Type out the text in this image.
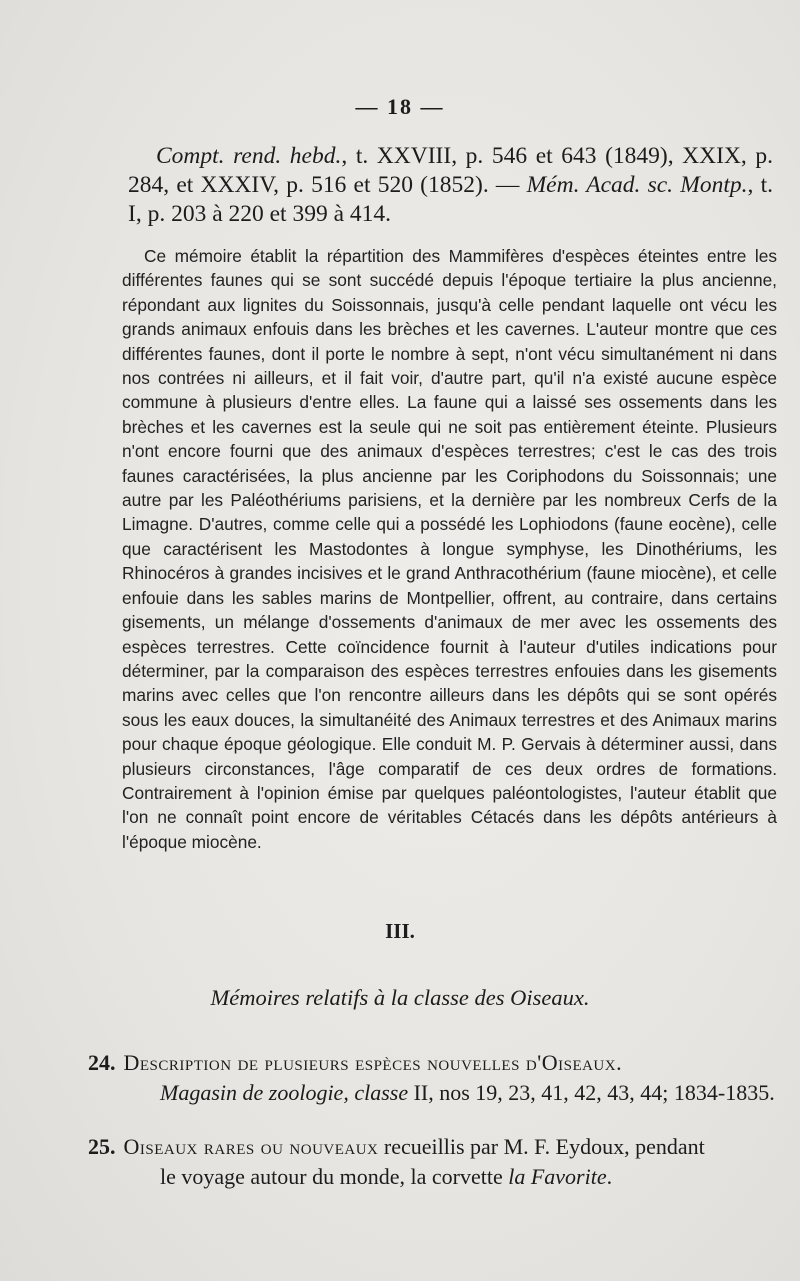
— 18 —
Compt. rend. hebd., t. XXVIII, p. 546 et 643 (1849), XXIX, p. 284, et XXXIV, p. 516 et 520 (1852). — Mém. Acad. sc. Montp., t. I, p. 203 à 220 et 399 à 414.
Ce mémoire établit la répartition des Mammifères d'espèces éteintes entre les différentes faunes qui se sont succédé depuis l'époque tertiaire la plus ancienne, répondant aux lignites du Soissonnais, jusqu'à celle pendant laquelle ont vécu les grands animaux enfouis dans les brèches et les cavernes. L'auteur montre que ces différentes faunes, dont il porte le nombre à sept, n'ont vécu simultanément ni dans nos contrées ni ailleurs, et il fait voir, d'autre part, qu'il n'a existé aucune espèce commune à plusieurs d'entre elles. La faune qui a laissé ses ossements dans les brèches et les cavernes est la seule qui ne soit pas entièrement éteinte. Plusieurs n'ont encore fourni que des animaux d'espèces terrestres; c'est le cas des trois faunes caractérisées, la plus ancienne par les Coriphodons du Soissonnais; une autre par les Paléothériums parisiens, et la dernière par les nombreux Cerfs de la Limagne. D'autres, comme celle qui a possédé les Lophiodons (faune eocène), celle que caractérisent les Mastodontes à longue symphyse, les Dinothériums, les Rhinocéros à grandes incisives et le grand Anthracothérium (faune miocène), et celle enfouie dans les sables marins de Montpellier, offrent, au contraire, dans certains gisements, un mélange d'ossements d'animaux de mer avec les ossements des espèces terrestres. Cette coïncidence fournit à l'auteur d'utiles indications pour déterminer, par la comparaison des espèces terrestres enfouies dans les gisements marins avec celles que l'on rencontre ailleurs dans les dépôts qui se sont opérés sous les eaux douces, la simultanéité des Animaux terrestres et des Animaux marins pour chaque époque géologique. Elle conduit M. P. Gervais à déterminer aussi, dans plusieurs circonstances, l'âge comparatif de ces deux ordres de formations. Contrairement à l'opinion émise par quelques paléontologistes, l'auteur établit que l'on ne connaît point encore de véritables Cétacés dans les dépôts antérieurs à l'époque miocène.
III.
Mémoires relatifs à la classe des Oiseaux.
24. Description de plusieurs espèces nouvelles d'Oiseaux.
Magasin de zoologie, classe II, nos 19, 23, 41, 42, 43, 44; 1834-1835.
25. Oiseaux rares ou nouveaux recueillis par M. F. Eydoux, pendant
le voyage autour du monde, la corvette la Favorite.
